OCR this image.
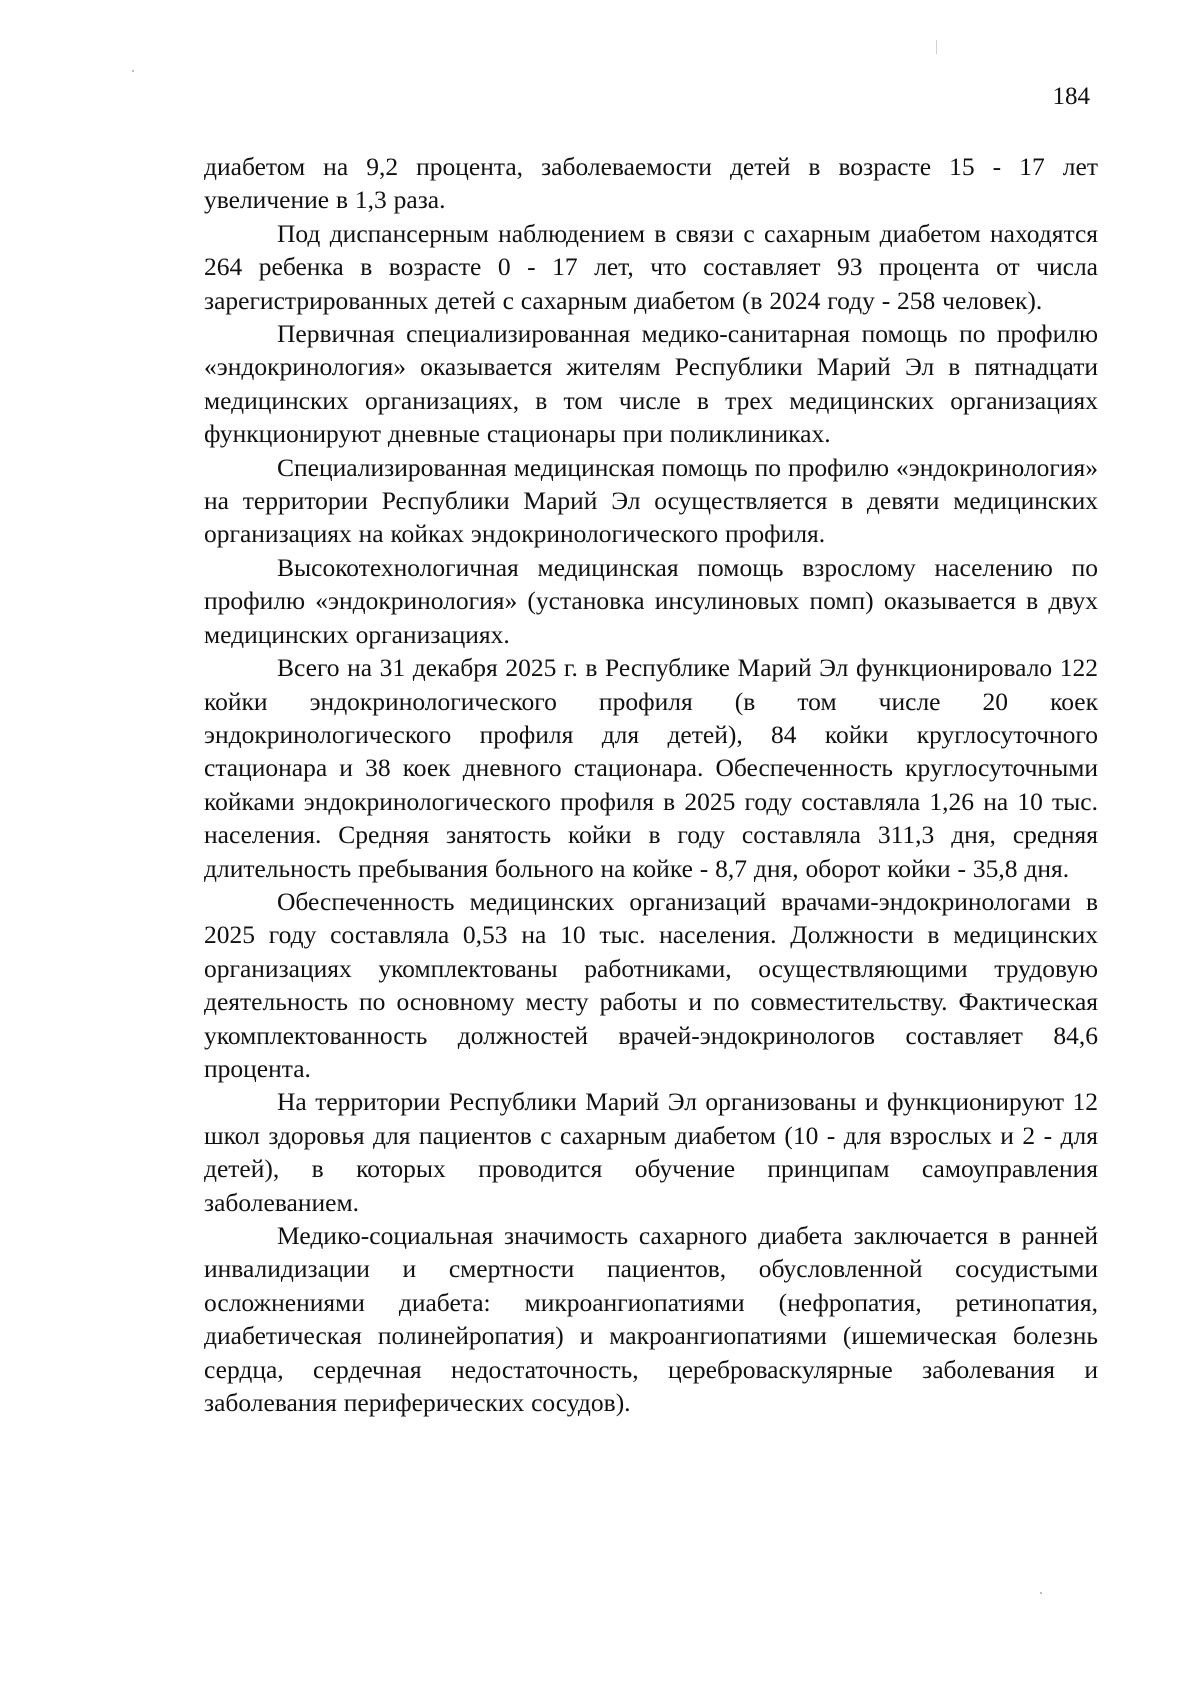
184

диабетом на 9,2 процента, заболеваемости детей в возрасте 15 - 17 лет увеличение в 1,3 раза.

Под диспансерным наблюдением в связи с сахарным диабетом находятся 264 ребенка в возрасте 0 - 17 лет, что составляет 93 процента от числа зарегистрированных детей с сахарным диабетом (в 2024 году - 258 человек).

Первичная специализированная медико-санитарная помощь по профилю «эндокринология» оказывается жителям Республики Марий Эл в пятнадцати медицинских организациях, в том числе в трех медицинских организациях функционируют дневные стационары при поликлиниках.

Специализированная медицинская помощь по профилю «эндокринология» на территории Республики Марий Эл осуществляется в девяти медицинских организациях на койках эндокринологического профиля.

Высокотехнологичная медицинская помощь взрослому населению по профилю «эндокринология» (установка инсулиновых помп) оказывается в двух медицинских организациях.

Всего на 31 декабря 2025 г. в Республике Марий Эл функционировало 122 койки эндокринологического профиля (в том числе 20 коек эндокринологического профиля для детей), 84 койки круглосуточного стационара и 38 коек дневного стационара. Обеспеченность круглосуточными койками эндокринологического профиля в 2025 году составляла 1,26 на 10 тыс. населения. Средняя занятость койки в году составляла 311,3 дня, средняя длительность пребывания больного на койке - 8,7 дня, оборот койки - 35,8 дня.

Обеспеченность медицинских организаций врачами-эндокринологами в 2025 году составляла 0,53 на 10 тыс. населения. Должности в медицинских организациях укомплектованы работниками, осуществляющими трудовую деятельность по основному месту работы и по совместительству. Фактическая укомплектованность должностей врачей-эндокринологов составляет 84,6 процента.

На территории Республики Марий Эл организованы и функционируют 12 школ здоровья для пациентов с сахарным диабетом (10 - для взрослых и 2 - для детей), в которых проводится обучение принципам самоуправления заболеванием.

Медико-социальная значимость сахарного диабета заключается в ранней инвалидизации и смертности пациентов, обусловленной сосудистыми осложнениями диабета: микроангиопатиями (нефропатия, ретинопатия, диабетическая полинейропатия) и макроангиопатиями (ишемическая болезнь сердца, сердечная недостаточность, цереброваскулярные заболевания и заболевания периферических сосудов).
